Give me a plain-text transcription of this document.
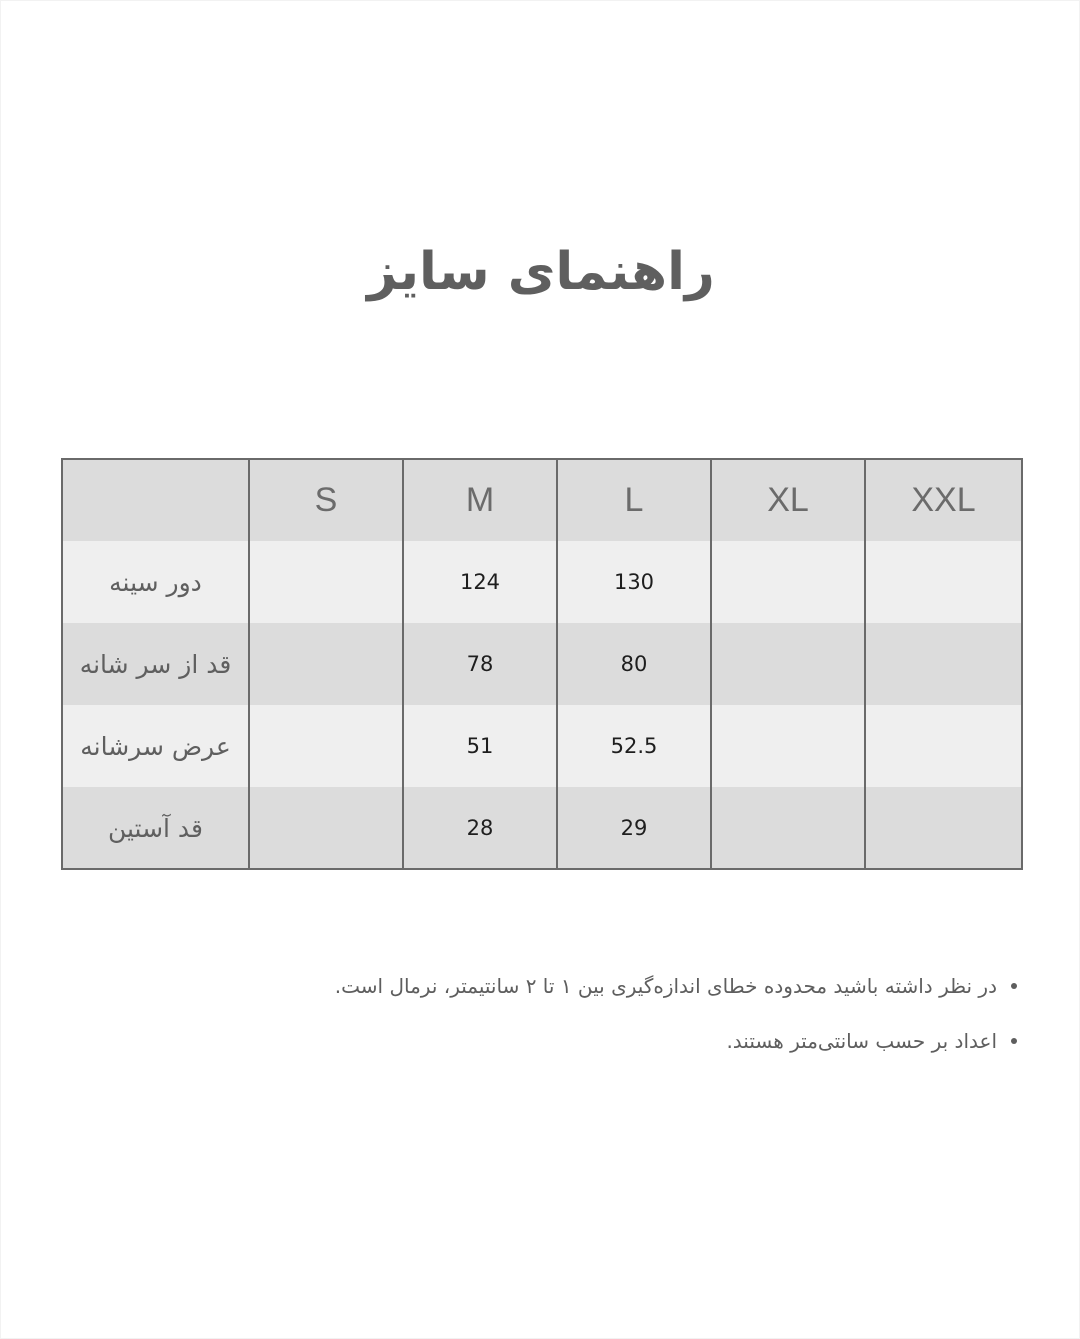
راهنمای سایز
	S	M	L	XL	XXL
دور سینه		124	130		
قد از سر شانه		78	80		
عرض سرشانه		51	52.5		
قد آستین		28	29		
در نظر داشته باشید محدوده خطای اندازه‌گیری بین ۱ تا ۲ سانتیمتر، نرمال است.
اعداد بر حسب سانتی‌متر هستند.
